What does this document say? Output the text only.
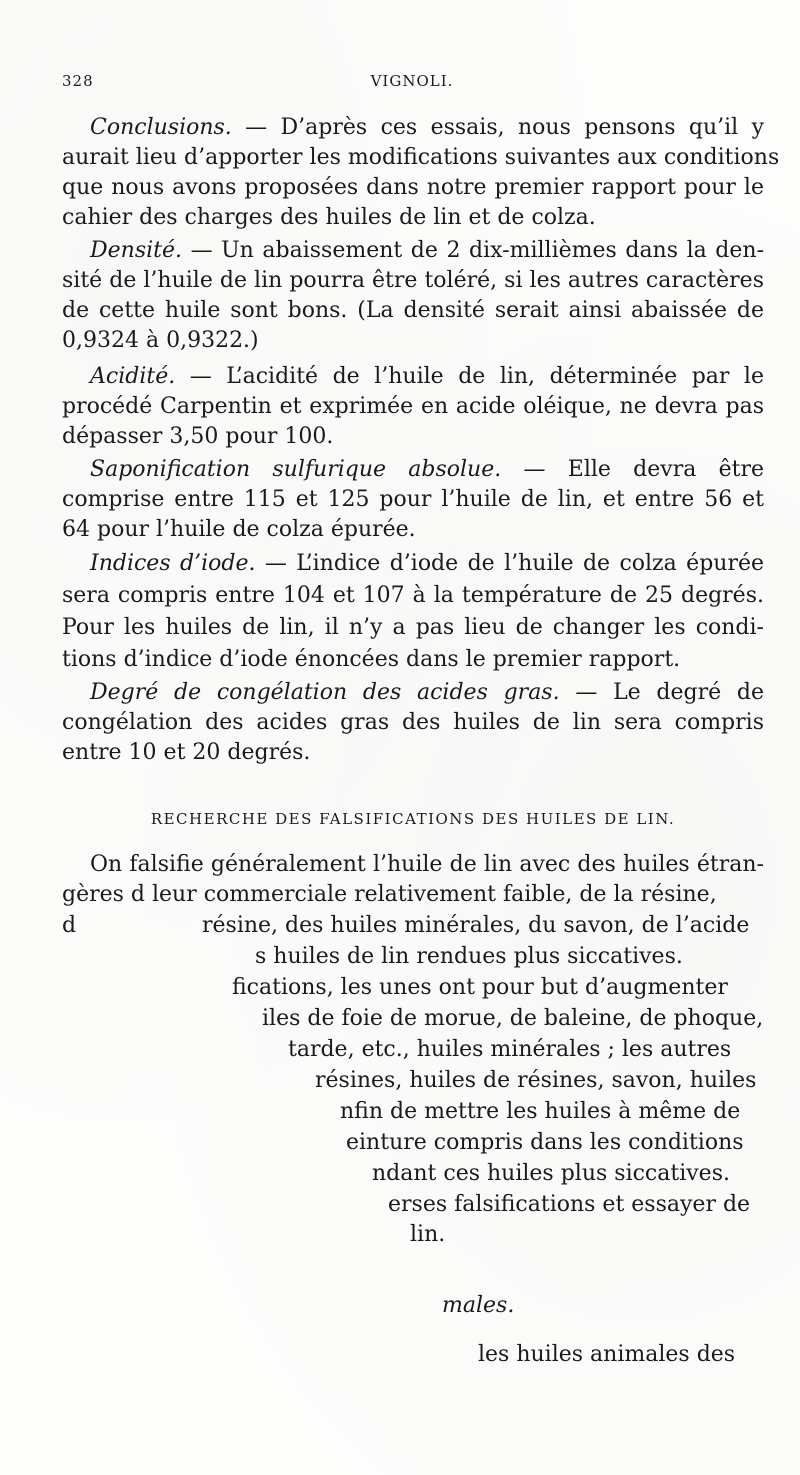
328	VIGNOLI.
Conclusions. — D’après ces essais, nous pensons qu’il y
aurait lieu d’apporter les modifications suivantes aux conditions
que nous avons proposées dans notre premier rapport pour le
cahier des charges des huiles de lin et de colza.
Densité. — Un abaissement de 2 dix-millièmes dans la den-
sité de l’huile de lin pourra être toléré, si les autres caractères
de cette huile sont bons. (La densité serait ainsi abaissée de
0,9324 à 0,9322.)
Acidité. — L’acidité de l’huile de lin, déterminée par le
procédé Carpentin et exprimée en acide oléique, ne devra pas
dépasser 3,50 pour 100.
Saponification sulfurique absolue. — Elle devra être
comprise entre 115 et 125 pour l’huile de lin, et entre 56 et
64 pour l’huile de colza épurée.
Indices d’iode. — L’indice d’iode de l’huile de colza épurée
sera compris entre 104 et 107 à la température de 25 degrés.
Pour les huiles de lin, il n’y a pas lieu de changer les condi-
tions d’indice d’iode énoncées dans le premier rapport.
Degré de congélation des acides gras. — Le degré de
congélation des acides gras des huiles de lin sera compris
entre 10 et 20 degrés.
RECHERCHE DES FALSIFICATIONS DES HUILES DE LIN.
On falsifie généralement l’huile de lin avec des huiles étran-
gères d leur commerciale relativement faible, de la résine,
d	résine, des huiles minérales, du savon, de l’acide
s huiles de lin rendues plus siccatives.
fications, les unes ont pour but d’augmenter
iles de foie de morue, de baleine, de phoque,
tarde, etc., huiles minérales ; les autres
résines, huiles de résines, savon, huiles
nfin de mettre les huiles à même de
einture compris dans les conditions
ndant ces huiles plus siccatives.
erses falsifications et essayer de
lin.
males.
les huiles animales des
